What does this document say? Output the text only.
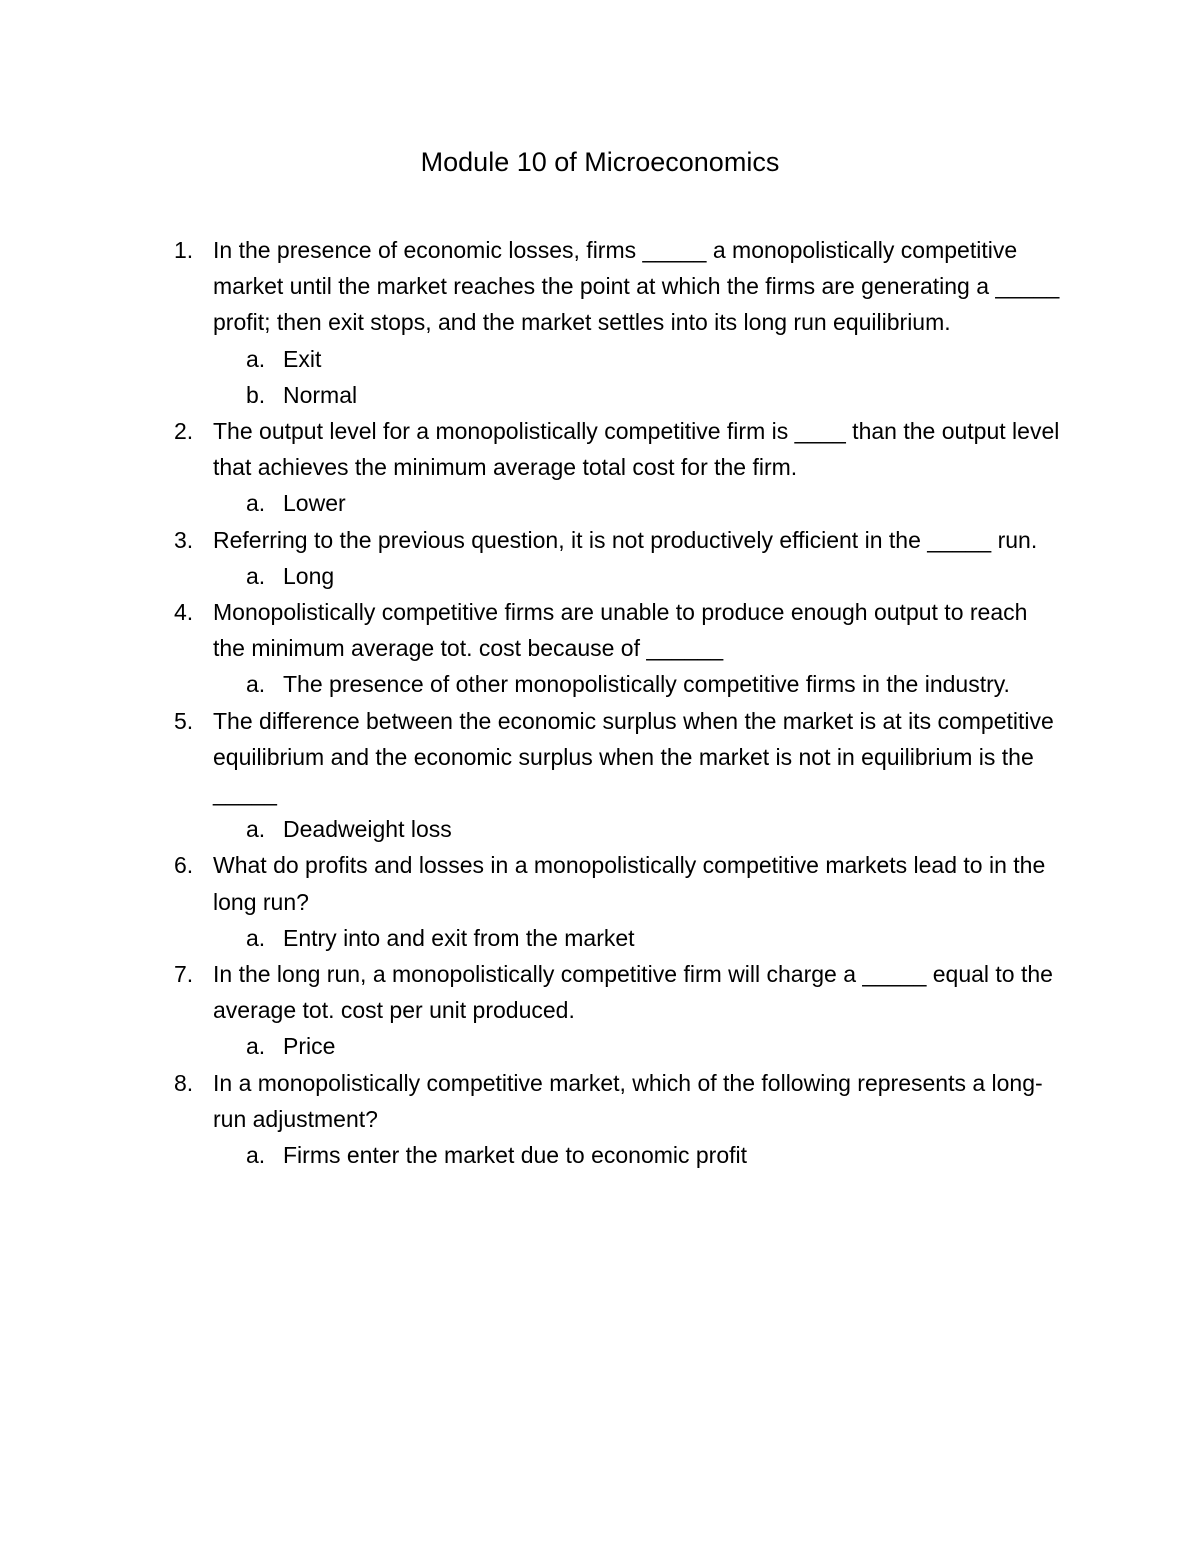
Module 10 of Microeconomics
1. In the presence of economic losses, firms _____ a monopolistically competitive market until the market reaches the point at which the firms are generating a _____ profit; then exit stops, and the market settles into its long run equilibrium.
a. Exit
b. Normal
2. The output level for a monopolistically competitive firm is ____ than the output level that achieves the minimum average total cost for the firm.
a. Lower
3. Referring to the previous question, it is not productively efficient in the _____ run.
a. Long
4. Monopolistically competitive firms are unable to produce enough output to reach the minimum average tot. cost because of ______
a. The presence of other monopolistically competitive firms in the industry.
5. The difference between the economic surplus when the market is at its competitive equilibrium and the economic surplus when the market is not in equilibrium is the _____
a. Deadweight loss
6. What do profits and losses in a monopolistically competitive markets lead to in the long run?
a. Entry into and exit from the market
7. In the long run, a monopolistically competitive firm will charge a _____ equal to the average tot. cost per unit produced.
a. Price
8. In a monopolistically competitive market, which of the following represents a long-run adjustment?
a. Firms enter the market due to economic profit
